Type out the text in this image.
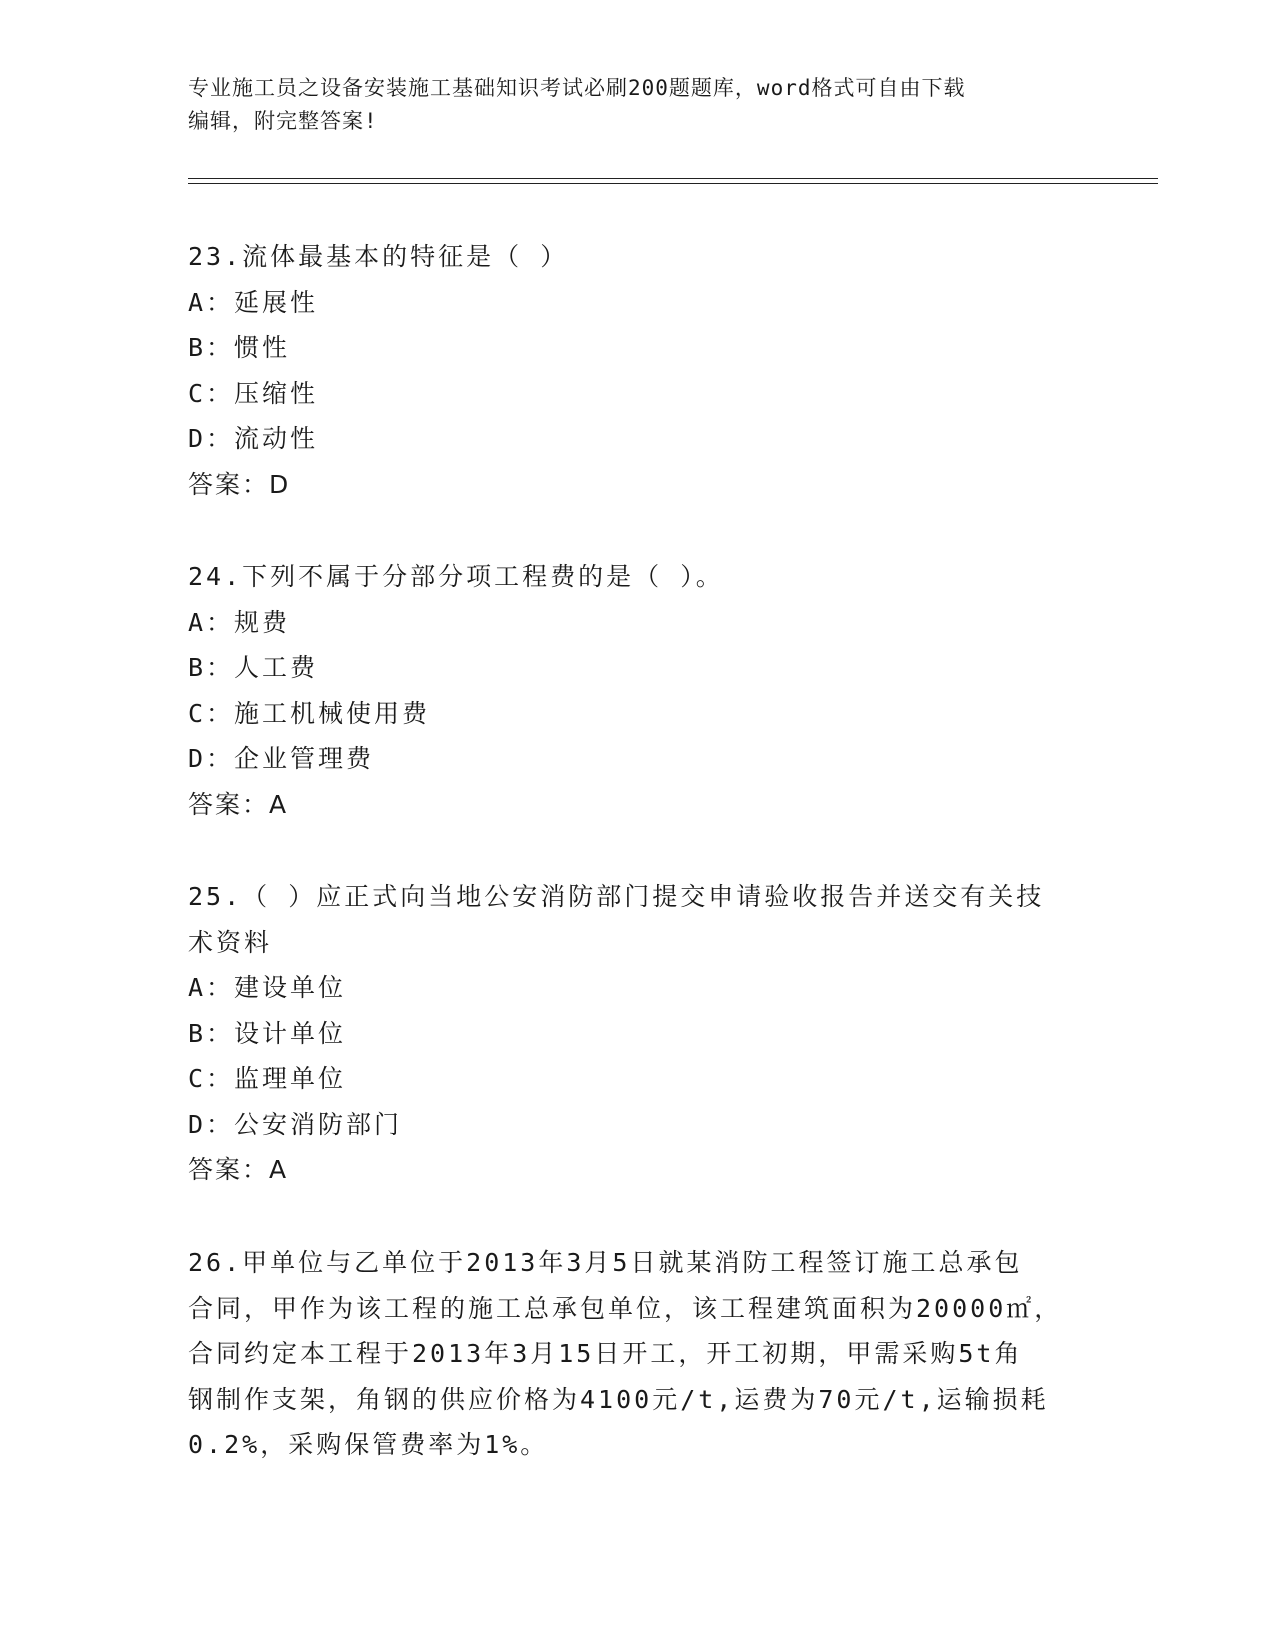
专业施工员之设备安装施工基础知识考试必刷200题题库，word格式可自由下载
编辑，附完整答案!
23.流体最基本的特征是（ ）
A：延展性
B：惯性
C：压缩性
D：流动性
答案：D
24.下列不属于分部分项工程费的是（ ）。
A：规费
B：人工费
C：施工机械使用费
D：企业管理费
答案：A
25.（ ）应正式向当地公安消防部门提交申请验收报告并送交有关技
术资料
A：建设单位
B：设计单位
C：监理单位
D：公安消防部门
答案：A
26.甲单位与乙单位于2013年3月5日就某消防工程签订施工总承包
合同，甲作为该工程的施工总承包单位，该工程建筑面积为20000㎡，
合同约定本工程于2013年3月15日开工，开工初期，甲需采购5t角
钢制作支架，角钢的供应价格为4100元/t,运费为70元/t,运输损耗
0.2%，采购保管费率为1%。
